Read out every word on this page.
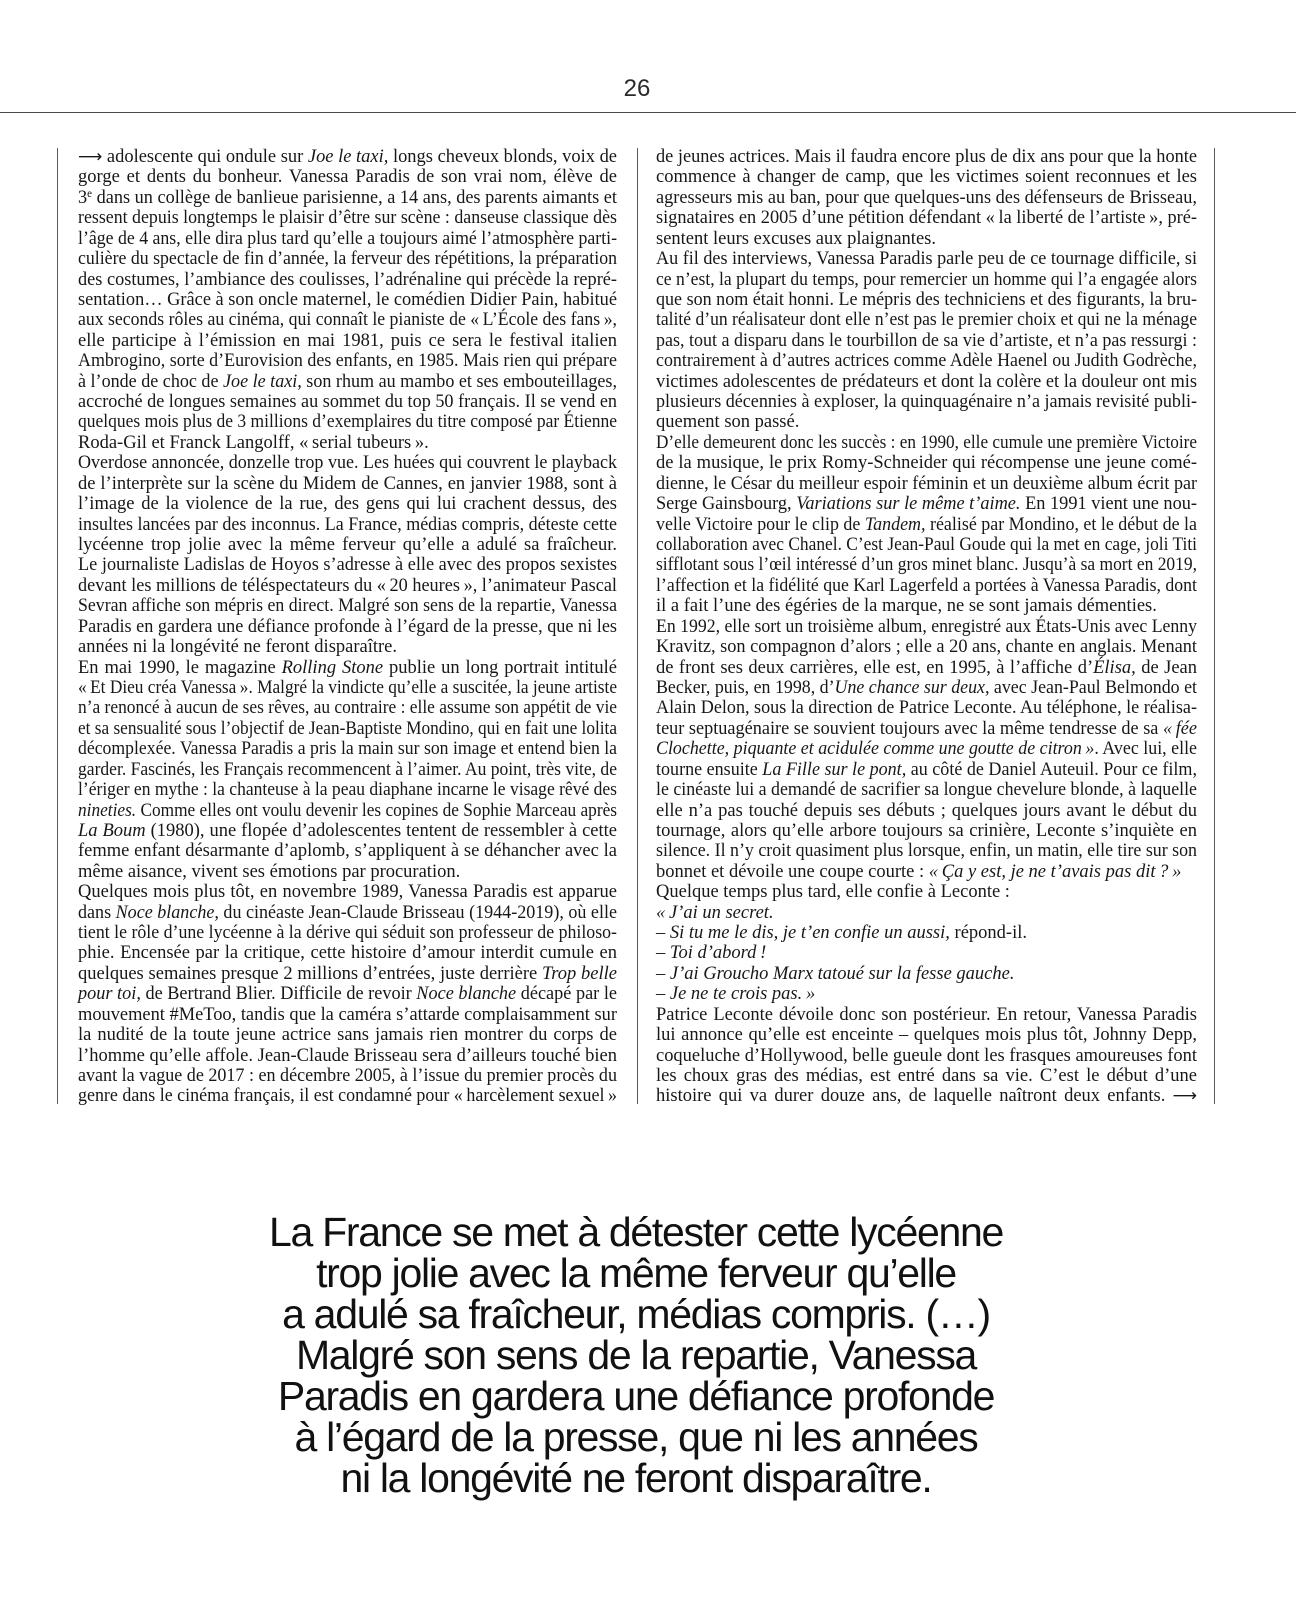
26
⟶ adolescente qui ondule sur Joe le taxi, longs cheveux blonds, voix de
gorge et dents du bonheur. Vanessa Paradis de son vrai nom, élève de
3e dans un collège de banlieue parisienne, a 14 ans, des parents aimants et
ressent depuis longtemps le plaisir d’être sur scène : danseuse classique dès
l’âge de 4 ans, elle dira plus tard qu’elle a toujours aimé l’atmosphère parti-
culière du spectacle de fin d’année, la ferveur des répétitions, la préparation
des costumes, l’ambiance des coulisses, l’adrénaline qui précède la repré-
sentation… Grâce à son oncle maternel, le comédien Didier Pain, habitué
aux seconds rôles au cinéma, qui connaît le pianiste de « L’École des fans »,
elle participe à l’émission en mai 1981, puis ce sera le festival italien
Ambrogino, sorte d’Eurovision des enfants, en 1985. Mais rien qui prépare
à l’onde de choc de Joe le taxi, son rhum au mambo et ses embouteillages,
accroché de longues semaines au sommet du top 50 français. Il se vend en
quelques mois plus de 3 millions d’exemplaires du titre composé par Étienne
Roda-Gil et Franck Langolff, « serial tubeurs ».
Overdose annoncée, donzelle trop vue. Les huées qui couvrent le playback
de l’interprète sur la scène du Midem de Cannes, en janvier 1988, sont à
l’image de la violence de la rue, des gens qui lui crachent dessus, des
insultes lancées par des inconnus. La France, médias compris, déteste cette
lycéenne trop jolie avec la même ferveur qu’elle a adulé sa fraîcheur.
Le journaliste Ladislas de Hoyos s’adresse à elle avec des propos sexistes
devant les millions de téléspectateurs du « 20 heures », l’animateur Pascal
Sevran affiche son mépris en direct. Malgré son sens de la repartie, Vanessa
Paradis en gardera une défiance profonde à l’égard de la presse, que ni les
années ni la longévité ne feront disparaître.
En mai 1990, le magazine Rolling Stone publie un long portrait intitulé
« Et Dieu créa Vanessa ». Malgré la vindicte qu’elle a suscitée, la jeune artiste
n’a renoncé à aucun de ses rêves, au contraire : elle assume son appétit de vie
et sa sensualité sous l’objectif de Jean-Baptiste Mondino, qui en fait une lolita
décomplexée. Vanessa Paradis a pris la main sur son image et entend bien la
garder. Fascinés, les Français recommencent à l’aimer. Au point, très vite, de
l’ériger en mythe : la chanteuse à la peau diaphane incarne le visage rêvé des
nineties. Comme elles ont voulu devenir les copines de Sophie Marceau après
La Boum (1980), une flopée d’adolescentes tentent de ressembler à cette
femme enfant désarmante d’aplomb, s’appliquent à se déhancher avec la
même aisance, vivent ses émotions par procuration.
Quelques mois plus tôt, en novembre 1989, Vanessa Paradis est apparue
dans Noce blanche, du cinéaste Jean-Claude Brisseau (1944-2019), où elle
tient le rôle d’une lycéenne à la dérive qui séduit son professeur de philoso-
phie. Encensée par la critique, cette histoire d’amour interdit cumule en
quelques semaines presque 2 millions d’entrées, juste derrière Trop belle
pour toi, de Bertrand Blier. Difficile de revoir Noce blanche décapé par le
mouvement #MeToo, tandis que la caméra s’attarde complaisamment sur
la nudité de la toute jeune actrice sans jamais rien montrer du corps de
l’homme qu’elle affole. Jean-Claude Brisseau sera d’ailleurs touché bien
avant la vague de 2017 : en décembre 2005, à l’issue du premier procès du
genre dans le cinéma français, il est condamné pour « harcèlement sexuel »
de jeunes actrices. Mais il faudra encore plus de dix ans pour que la honte
commence à changer de camp, que les victimes soient reconnues et les
agresseurs mis au ban, pour que quelques-uns des défenseurs de Brisseau,
signataires en 2005 d’une pétition défendant « la liberté de l’artiste », pré-
sentent leurs excuses aux plaignantes.
Au fil des interviews, Vanessa Paradis parle peu de ce tournage difficile, si
ce n’est, la plupart du temps, pour remercier un homme qui l’a engagée alors
que son nom était honni. Le mépris des techniciens et des figurants, la bru-
talité d’un réalisateur dont elle n’est pas le premier choix et qui ne la ménage
pas, tout a disparu dans le tourbillon de sa vie d’artiste, et n’a pas ressurgi :
contrairement à d’autres actrices comme Adèle Haenel ou Judith Godrèche,
victimes adolescentes de prédateurs et dont la colère et la douleur ont mis
plusieurs décennies à exploser, la quinquagénaire n’a jamais revisité publi-
quement son passé.
D’elle demeurent donc les succès : en 1990, elle cumule une première Victoire
de la musique, le prix Romy-Schneider qui récompense une jeune comé-
dienne, le César du meilleur espoir féminin et un deuxième album écrit par
Serge Gainsbourg, Variations sur le même t’aime. En 1991 vient une nou-
velle Victoire pour le clip de Tandem, réalisé par Mondino, et le début de la
collaboration avec Chanel. C’est Jean-Paul Goude qui la met en cage, joli Titi
sifflotant sous l’œil intéressé d’un gros minet blanc. Jusqu’à sa mort en 2019,
l’affection et la fidélité que Karl Lagerfeld a portées à Vanessa Paradis, dont
il a fait l’une des égéries de la marque, ne se sont jamais démenties.
En 1992, elle sort un troisième album, enregistré aux États-Unis avec Lenny
Kravitz, son compagnon d’alors ; elle a 20 ans, chante en anglais. Menant
de front ses deux carrières, elle est, en 1995, à l’affiche d’Élisa, de Jean
Becker, puis, en 1998, d’Une chance sur deux, avec Jean-Paul Belmondo et
Alain Delon, sous la direction de Patrice Leconte. Au téléphone, le réalisa-
teur septuagénaire se souvient toujours avec la même tendresse de sa « fée
Clochette, piquante et acidulée comme une goutte de citron ». Avec lui, elle
tourne ensuite La Fille sur le pont, au côté de Daniel Auteuil. Pour ce film,
le cinéaste lui a demandé de sacrifier sa longue chevelure blonde, à laquelle
elle n’a pas touché depuis ses débuts ; quelques jours avant le début du
tournage, alors qu’elle arbore toujours sa crinière, Leconte s’inquiète en
silence. Il n’y croit quasiment plus lorsque, enfin, un matin, elle tire sur son
bonnet et dévoile une coupe courte : « Ça y est, je ne t’avais pas dit ? »
Quelque temps plus tard, elle confie à Leconte :
« J’ai un secret.
– Si tu me le dis, je t’en confie un aussi, répond-il.
– Toi d’abord !
– J’ai Groucho Marx tatoué sur la fesse gauche.
– Je ne te crois pas. »
Patrice Leconte dévoile donc son postérieur. En retour, Vanessa Paradis
lui annonce qu’elle est enceinte – quelques mois plus tôt, Johnny Depp,
coqueluche d’Hollywood, belle gueule dont les frasques amoureuses font
les choux gras des médias, est entré dans sa vie. C’est le début d’une
histoire qui va durer douze ans, de laquelle naîtront deux enfants. ⟶
La France se met à détester cette lycéenne
trop jolie avec la même ferveur qu’elle
a adulé sa fraîcheur, médias compris. (…)
Malgré son sens de la repartie, Vanessa
Paradis en gardera une défiance profonde
à l’égard de la presse, que ni les années
ni la longévité ne feront disparaître.
